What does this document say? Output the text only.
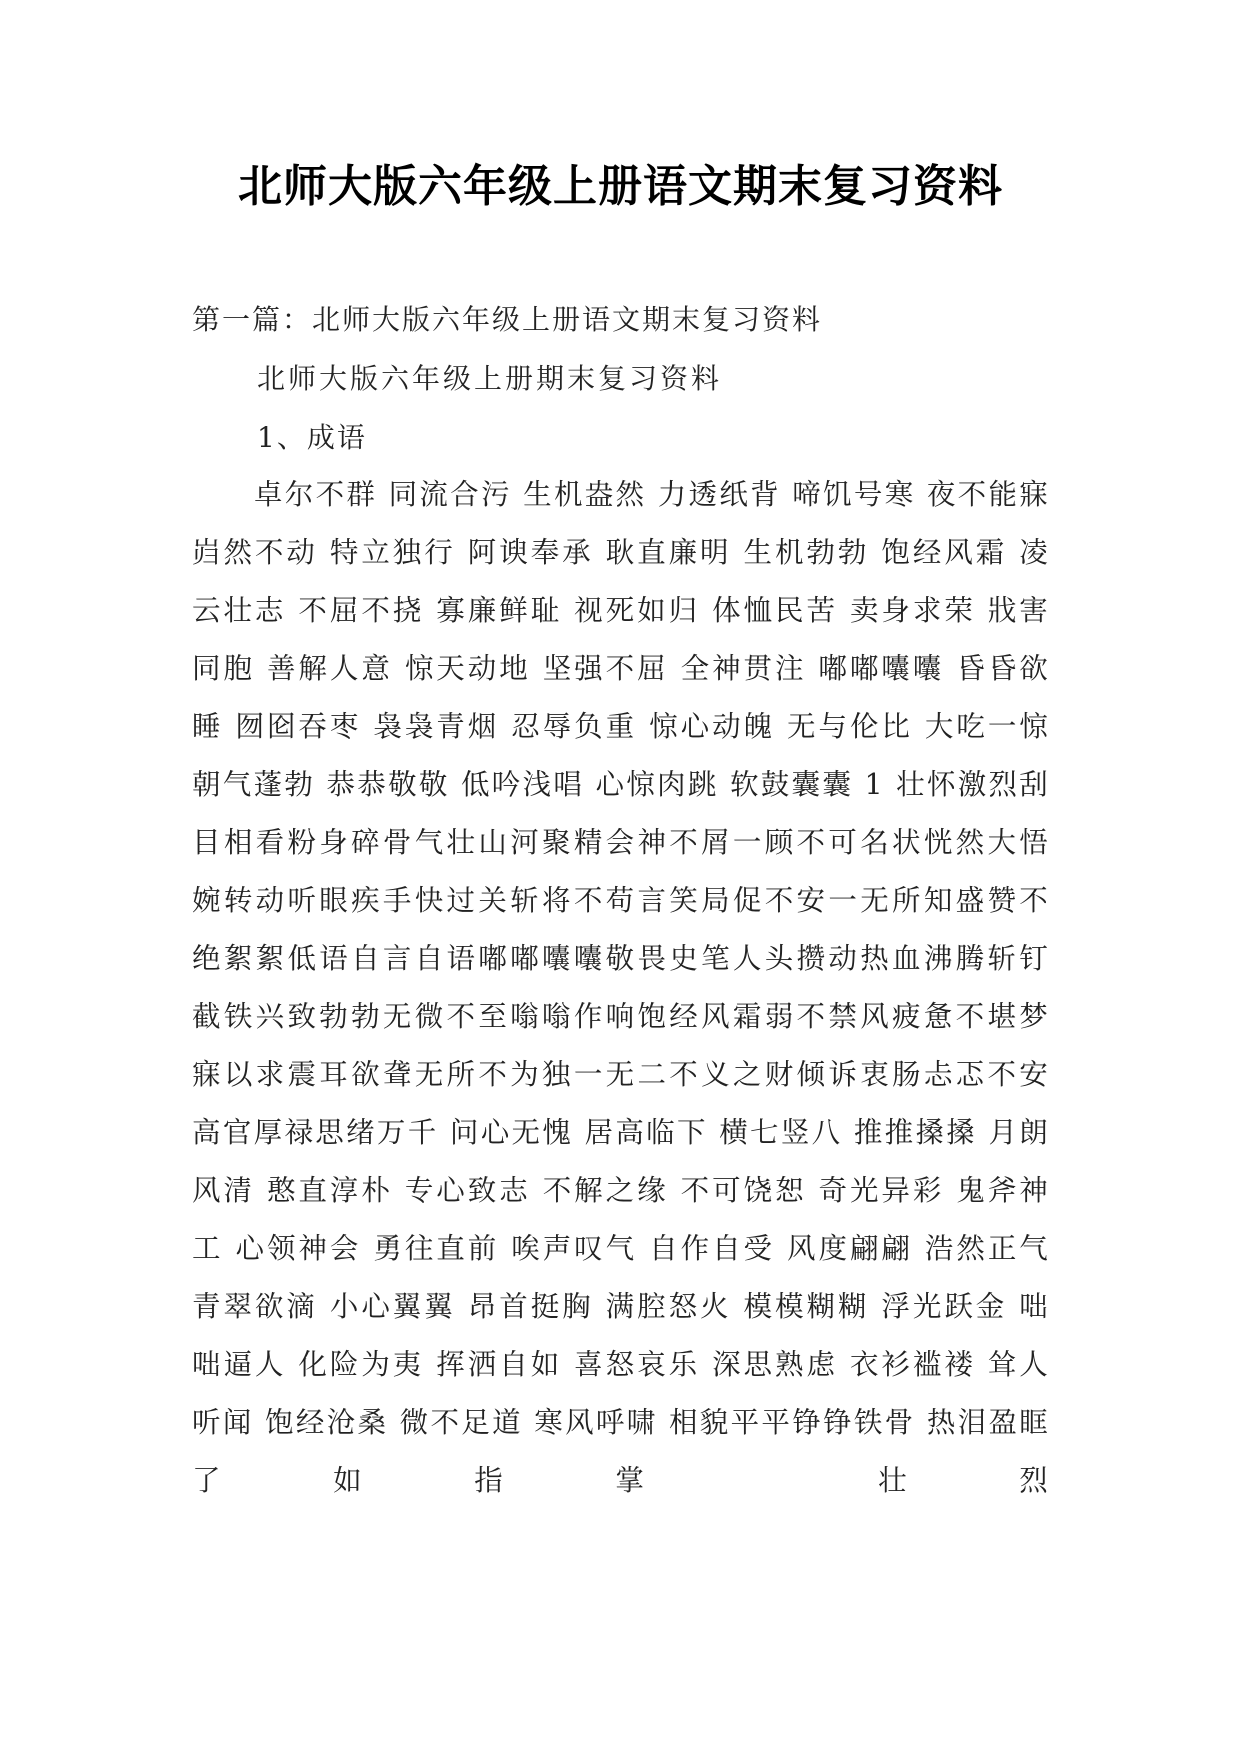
北师大版六年级上册语文期末复习资料
第一篇：北师大版六年级上册语文期末复习资料
北师大版六年级上册期末复习资料
1、成语

卓尔不群 同流合污 生机盎然 力透纸背 啼饥号寒 夜不能寐 岿然不动 特立独行 阿谀奉承 耿直廉明 生机勃勃 饱经风霜 凌云壮志 不屈不挠 寡廉鲜耻 视死如归 体恤民苦 卖身求荣 戕害同胞 善解人意 惊天动地 坚强不屈 全神贯注 嘟嘟囔囔 昏昏欲睡 囫囵吞枣 袅袅青烟 忍辱负重 惊心动魄 无与伦比 大吃一惊 朝气蓬勃 恭恭敬敬 低吟浅唱 心惊肉跳 软鼓囊囊 1 壮怀激烈刮目相看粉身碎骨气壮山河聚精会神不屑一顾不可名状恍然大悟婉转动听眼疾手快过关斩将不苟言笑局促不安一无所知盛赞不绝絮絮低语自言自语嘟嘟囔囔敬畏史笔人头攒动热血沸腾斩钉截铁兴致勃勃无微不至嗡嗡作响饱经风霜弱不禁风疲惫不堪梦寐以求震耳欲聋无所不为独一无二不义之财倾诉衷肠忐忑不安高官厚禄思绪万千 问心无愧 居高临下 横七竖八 推推搡搡 月朗风清 憨直淳朴 专心致志 不解之缘 不可饶恕 奇光异彩 鬼斧神工 心领神会 勇往直前 唉声叹气 自作自受 风度翩翩 浩然正气 青翠欲滴 小心翼翼 昂首挺胸 满腔怒火 模模糊糊 浮光跃金 咄咄逼人 化险为夷 挥洒自如 喜怒哀乐 深思熟虑 衣衫褴褛 耸人听闻 饱经沧桑 微不足道 寒风呼啸 相貌平平铮铮铁骨 热泪盈眶 了如指掌 壮烈
